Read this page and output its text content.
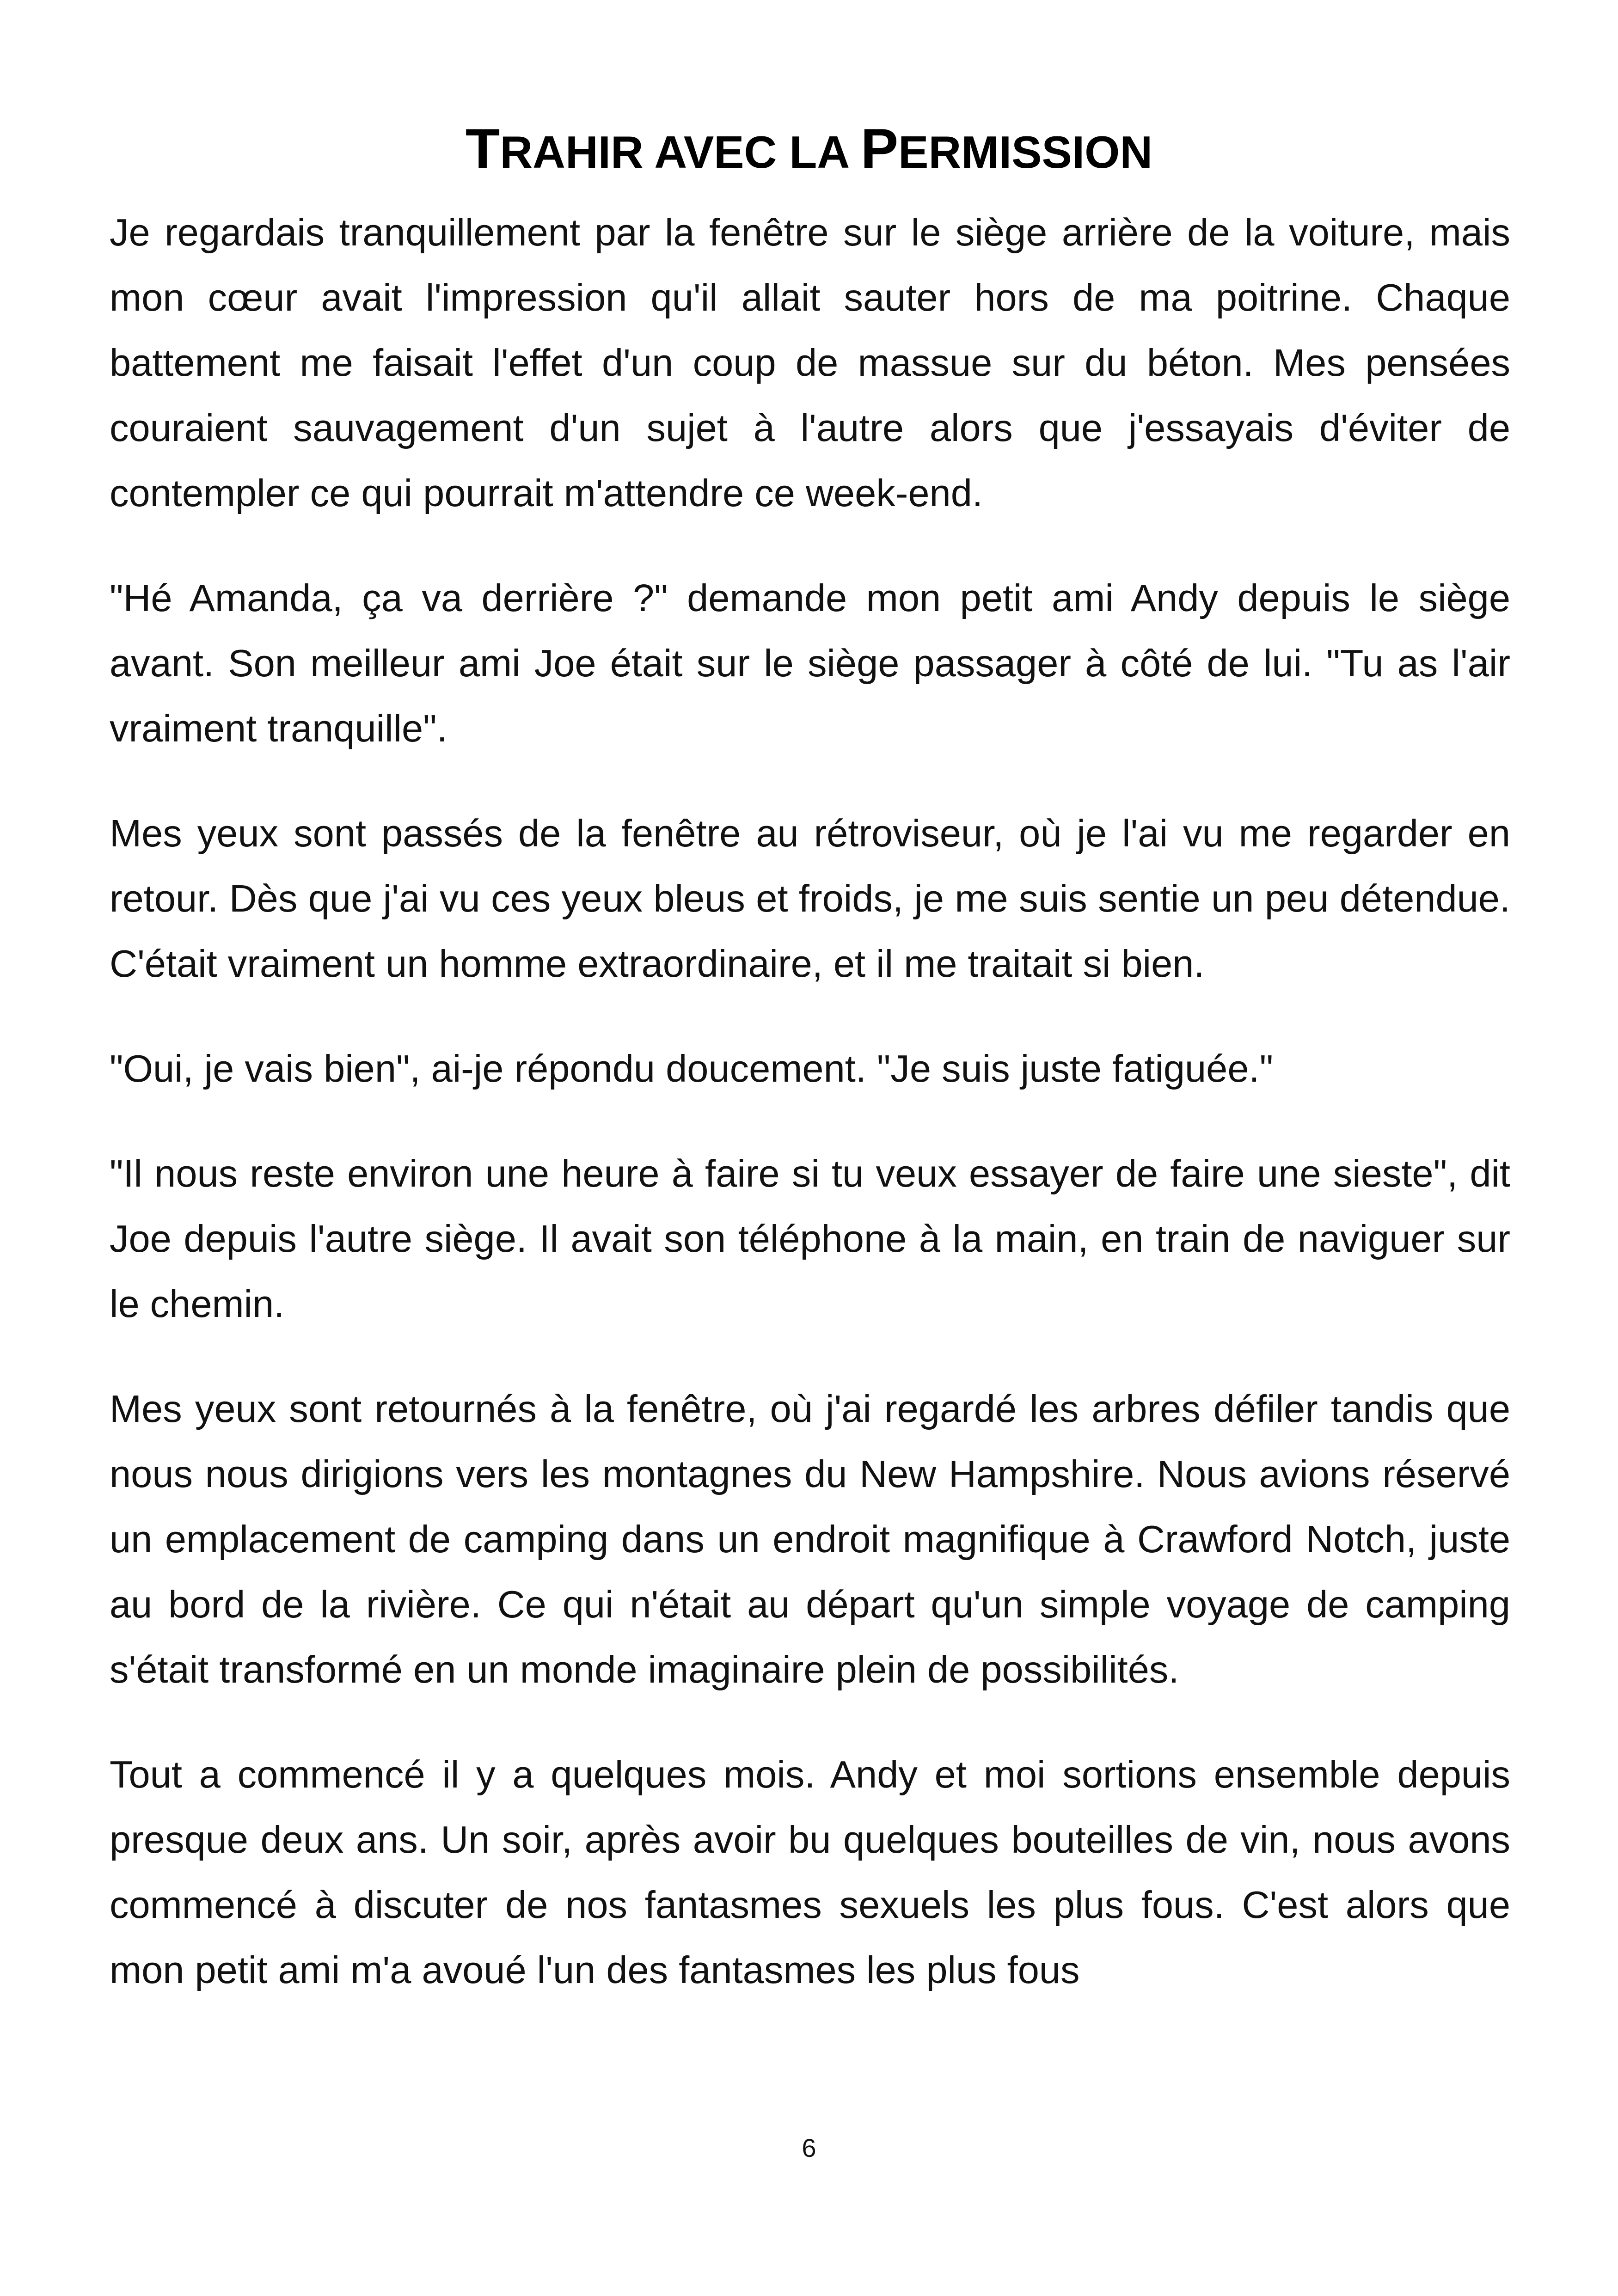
TRAHIR AVEC LA PERMISSION

Je regardais tranquillement par la fenêtre sur le siège arrière de la voiture, mais mon cœur avait l'impression qu'il allait sauter hors de ma poitrine. Chaque battement me faisait l'effet d'un coup de massue sur du béton. Mes pensées couraient sauvagement d'un sujet à l'autre alors que j'essayais d'éviter de contempler ce qui pourrait m'attendre ce week-end.

"Hé Amanda, ça va derrière ?" demande mon petit ami Andy depuis le siège avant. Son meilleur ami Joe était sur le siège passager à côté de lui. "Tu as l'air vraiment tranquille".

Mes yeux sont passés de la fenêtre au rétroviseur, où je l'ai vu me regarder en retour. Dès que j'ai vu ces yeux bleus et froids, je me suis sentie un peu détendue. C'était vraiment un homme extraordinaire, et il me traitait si bien.

"Oui, je vais bien", ai-je répondu doucement. "Je suis juste fatiguée."

"Il nous reste environ une heure à faire si tu veux essayer de faire une sieste", dit Joe depuis l'autre siège. Il avait son téléphone à la main, en train de naviguer sur le chemin.

Mes yeux sont retournés à la fenêtre, où j'ai regardé les arbres défiler tandis que nous nous dirigions vers les montagnes du New Hampshire. Nous avions réservé un emplacement de camping dans un endroit magnifique à Crawford Notch, juste au bord de la rivière. Ce qui n'était au départ qu'un simple voyage de camping s'était transformé en un monde imaginaire plein de possibilités.

Tout a commencé il y a quelques mois. Andy et moi sortions ensemble depuis presque deux ans. Un soir, après avoir bu quelques bouteilles de vin, nous avons commencé à discuter de nos fantasmes sexuels les plus fous. C'est alors que mon petit ami m'a avoué l'un des fantasmes les plus fous

6
